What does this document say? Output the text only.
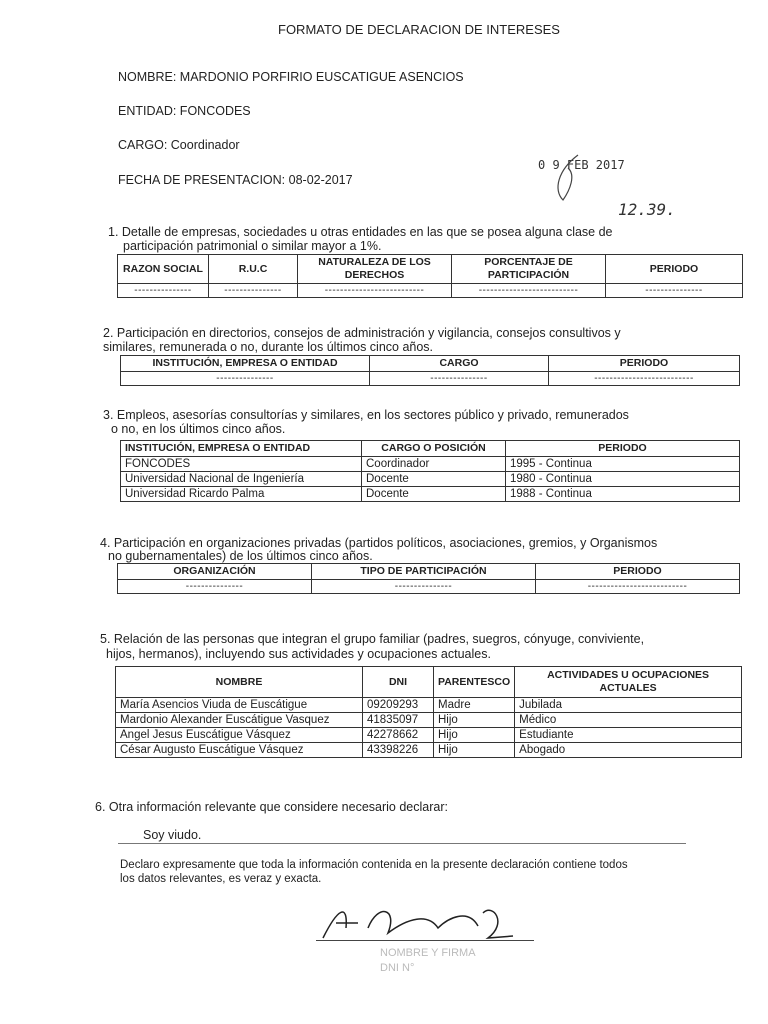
FORMATO DE DECLARACION DE INTERESES
NOMBRE: MARDONIO PORFIRIO EUSCATIGUE ASENCIOS
ENTIDAD: FONCODES
CARGO: Coordinador
FECHA DE PRESENTACION: 08-02-2017
0 9 FEB 2017
12.39.
1. Detalle de empresas, sociedades u otras entidades en las que se posea alguna clase de
participación patrimonial o similar mayor a 1%.
RAZON SOCIAL	R.U.C	NATURALEZA DE LOS DERECHOS	PORCENTAJE DE PARTICIPACIÓN	PERIODO
---------------	---------------	--------------------------	--------------------------	---------------
2. Participación en directorios, consejos de administración y vigilancia, consejos consultivos y
similares, remunerada o no, durante los últimos cinco años.
INSTITUCIÓN, EMPRESA O ENTIDAD	CARGO	PERIODO
---------------	---------------	--------------------------
3. Empleos, asesorías consultorías y similares, en los sectores público y privado, remunerados
o no, en los últimos cinco años.
INSTITUCIÓN, EMPRESA O ENTIDAD	CARGO O POSICIÓN	PERIODO
FONCODES	Coordinador	1995 - Continua
Universidad Nacional de Ingeniería	Docente	1980 - Continua
Universidad Ricardo Palma	Docente	1988 - Continua
4. Participación en organizaciones privadas (partidos políticos, asociaciones, gremios, y Organismos
no gubernamentales) de los últimos cinco años.
ORGANIZACIÓN	TIPO DE PARTICIPACIÓN	PERIODO
---------------	---------------	--------------------------
5. Relación de las personas que integran el grupo familiar (padres, suegros, cónyuge, conviviente,
hijos, hermanos), incluyendo sus actividades y ocupaciones actuales.
NOMBRE	DNI	PARENTESCO	ACTIVIDADES U OCUPACIONES ACTUALES
María Asencios Viuda de Euscátigue	09209293	Madre	Jubilada
Mardonio Alexander Euscátigue Vasquez	41835097	Hijo	Médico
Angel Jesus Euscátigue Vásquez	42278662	Hijo	Estudiante
César Augusto Euscátigue Vásquez	43398226	Hijo	Abogado
6. Otra información relevante que considere necesario declarar:
Soy viudo.
Declaro expresamente que toda la información contenida en la presente declaración contiene todos
los datos relevantes, es veraz y exacta.
NOMBRE Y FIRMA
DNI N°
